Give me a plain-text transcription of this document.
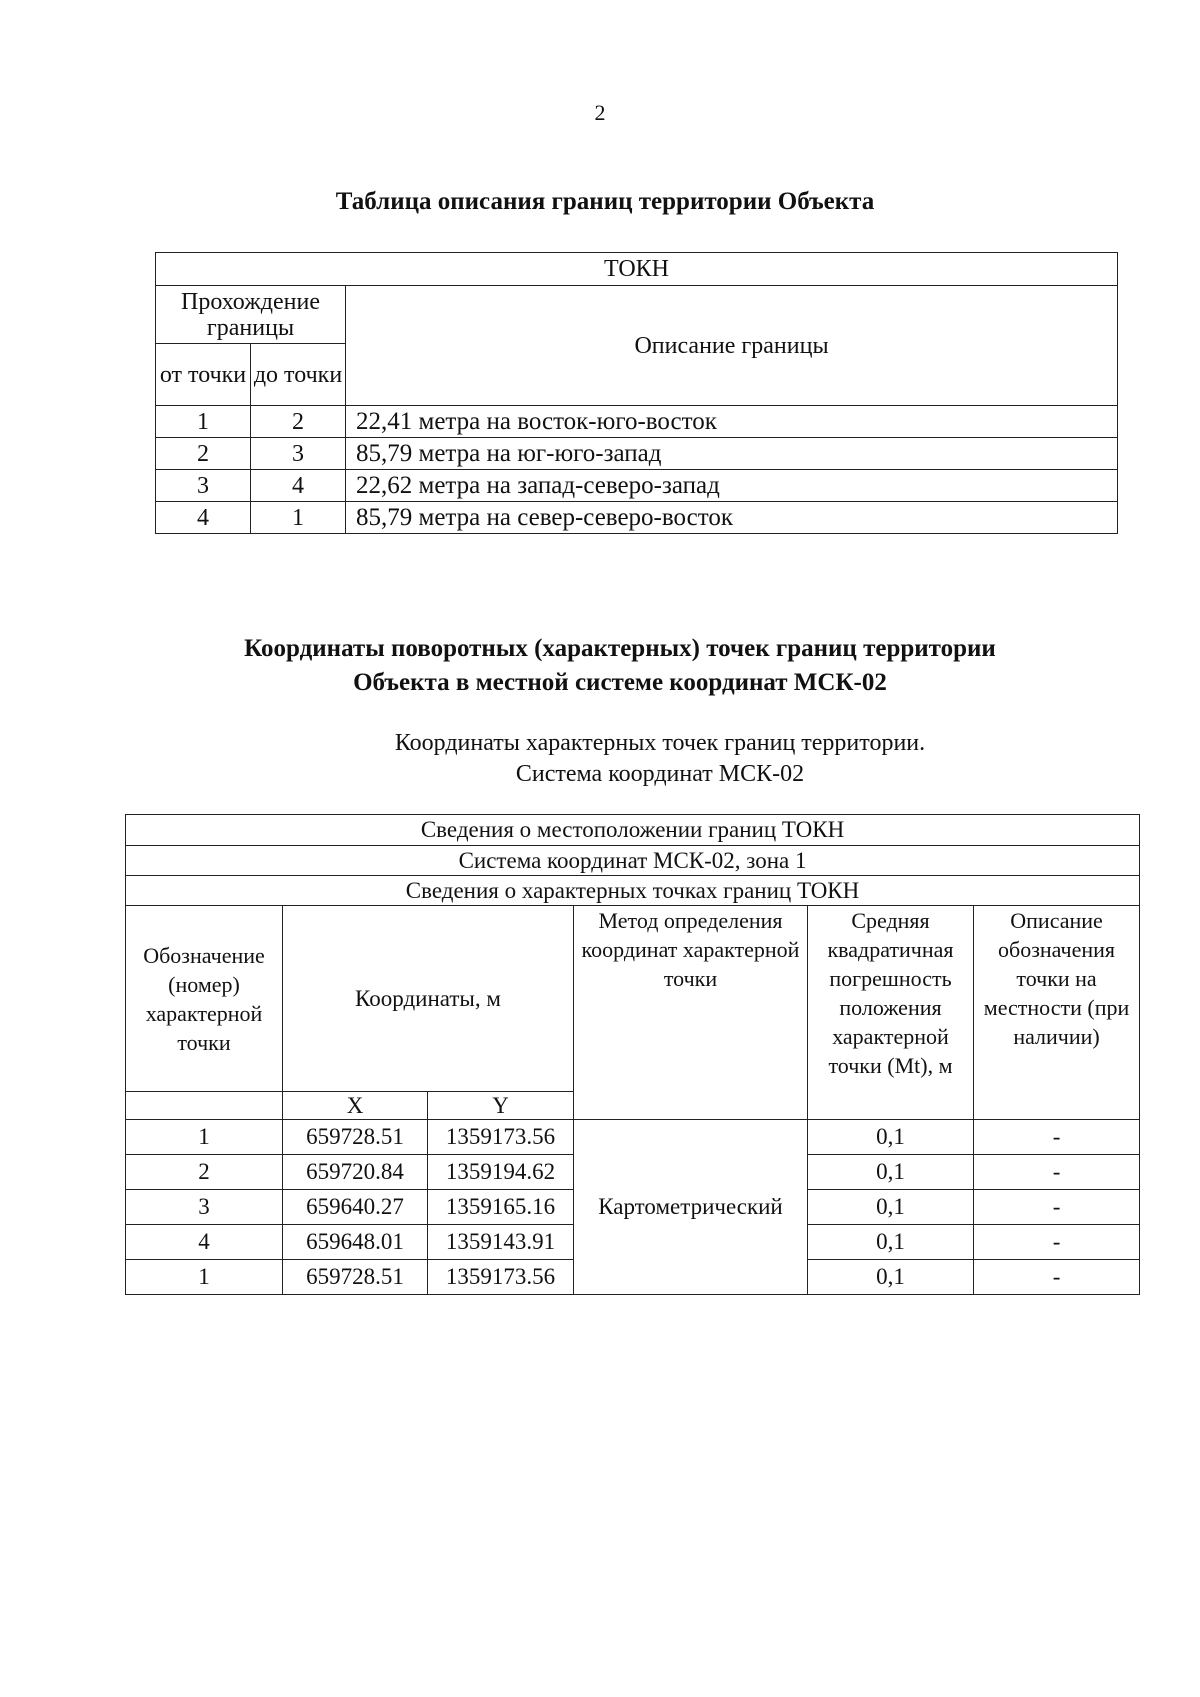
2
Таблица описания границ территории Объекта
ТОКН		
Прохождение границы		Описание границы
от точки	до точки	
1	2	22,41 метра на восток-юго-восток
2	3	85,79 метра на юг-юго-запад
3	4	22,62 метра на запад-северо-запад
4	1	85,79 метра на север-северо-восток
Координаты поворотных (характерных) точек границ территории
Объекта в местной системе координат МСК-02
Координаты характерных точек границ территории.
Система координат МСК-02
Сведения о местоположении границ ТОКН					
Система координат МСК-02, зона 1					
Сведения о характерных точках границ ТОКН					
Обозначение (номер) характерной точки	Координаты, м		Метод определения координат характерной точки	Средняя квадратичная погрешность положения характерной точки (Mt), м	Описание обозначения точки на местности (при наличии)
	X	Y			
1	659728.51	1359173.56	Картометрический	0,1	-
2	659720.84	1359194.62		0,1	-
3	659640.27	1359165.16		0,1	-
4	659648.01	1359143.91		0,1	-
1	659728.51	1359173.56		0,1	-
